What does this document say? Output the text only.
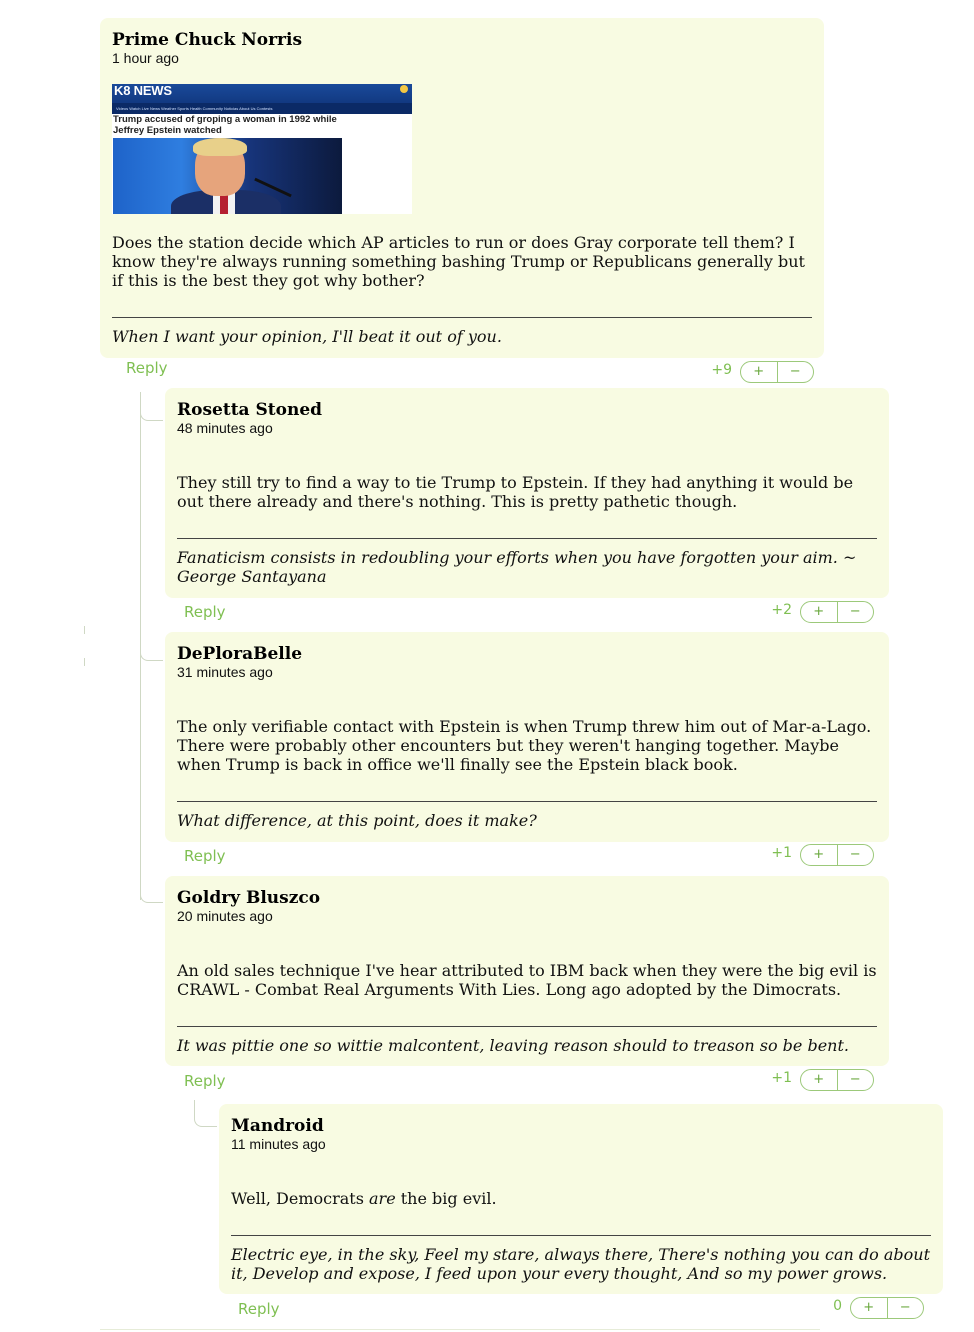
Prime Chuck Norris
1 hour ago
K8 NEWS
Videos Watch Live News Weather Sports Health Community Noticias About Us Contests
Trump accused of groping a woman in 1992 while Jeffrey Epstein watched
Does the station decide which AP articles to run or does Gray corporate tell them? I know they're always running something bashing Trump or Republicans generally but if this is the best they got why bother?
When I want your opinion, I'll beat it out of you.
Reply	+9	+	−
Rosetta Stoned
48 minutes ago
They still try to find a way to tie Trump to Epstein. If they had anything it would be out there already and there's nothing. This is pretty pathetic though.
Fanaticism consists in redoubling your efforts when you have forgotten your aim. ~ George Santayana
Reply	+2	+	−
DePloraBelle
31 minutes ago
The only verifiable contact with Epstein is when Trump threw him out of Mar-a-Lago. There were probably other encounters but they weren't hanging together. Maybe when Trump is back in office we'll finally see the Epstein black book.
What difference, at this point, does it make?
Reply	+1	+	−
Goldry Bluszco
20 minutes ago
An old sales technique I've hear attributed to IBM back when they were the big evil is CRAWL - Combat Real Arguments With Lies. Long ago adopted by the Dimocrats.
It was pittie one so wittie malcontent, leaving reason should to treason so be bent.
Reply	+1	+	−
Mandroid
11 minutes ago
Well, Democrats are the big evil.
Electric eye, in the sky, Feel my stare, always there, There's nothing you can do about it, Develop and expose, I feed upon your every thought, And so my power grows.
Reply	0	+	−
